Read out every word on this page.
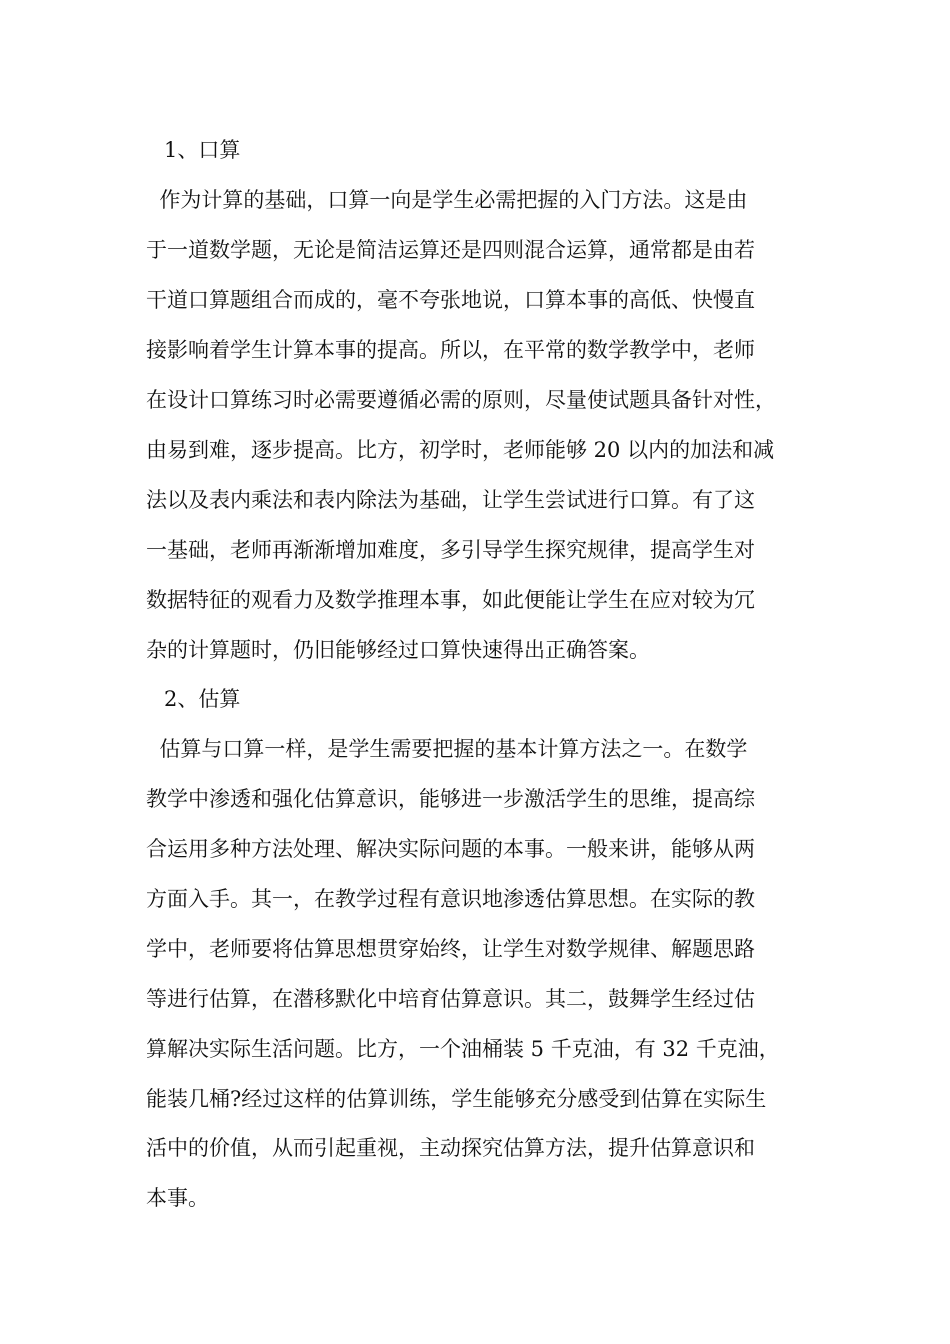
1、口算
作为计算的基础，口算一向是学生必需把握的入门方法。这是由
于一道数学题，无论是简洁运算还是四则混合运算，通常都是由若
干道口算题组合而成的，毫不夸张地说，口算本事的高低、快慢直
接影响着学生计算本事的提高。所以，在平常的数学教学中，老师
在设计口算练习时必需要遵循必需的原则，尽量使试题具备针对性，
由易到难，逐步提高。比方，初学时，老师能够 20 以内的加法和减
法以及表内乘法和表内除法为基础，让学生尝试进行口算。有了这
一基础，老师再渐渐增加难度，多引导学生探究规律，提高学生对
数据特征的观看力及数学推理本事，如此便能让学生在应对较为冗
杂的计算题时，仍旧能够经过口算快速得出正确答案。
2、估算
估算与口算一样，是学生需要把握的基本计算方法之一。在数学
教学中渗透和强化估算意识，能够进一步激活学生的思维，提高综
合运用多种方法处理、解决实际问题的本事。一般来讲，能够从两
方面入手。其一，在教学过程有意识地渗透估算思想。在实际的教
学中，老师要将估算思想贯穿始终，让学生对数学规律、解题思路
等进行估算，在潜移默化中培育估算意识。其二，鼓舞学生经过估
算解决实际生活问题。比方，一个油桶装 5 千克油，有 32 千克油，
能装几桶?经过这样的估算训练，学生能够充分感受到估算在实际生
活中的价值，从而引起重视，主动探究估算方法，提升估算意识和
本事。
